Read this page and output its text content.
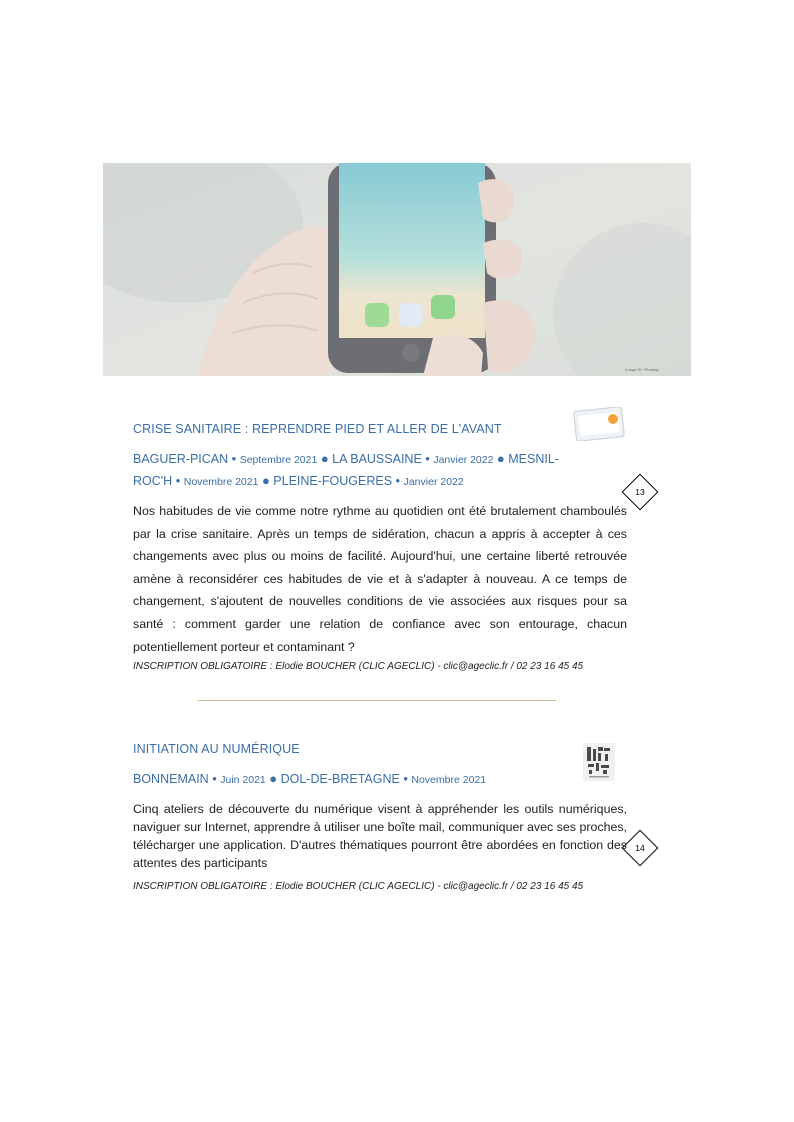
Image ID / Pixabay
CRISE SANITAIRE : REPRENDRE PIED ET ALLER DE L'AVANT
BAGUER-PICAN • Septembre 2021 ● LA BAUSSAINE • Janvier 2022 ● MESNIL-
ROC'H • Novembre 2021 ● PLEINE-FOUGERES • Janvier 2022
13

Nos habitudes de vie comme notre rythme au quotidien ont été brutalement chamboulés par la crise sanitaire. Après un temps de sidération, chacun a appris à accepter à ces changements avec plus ou moins de facilité. Aujourd'hui, une certaine liberté retrouvée amène à reconsidérer ces habitudes de vie et à s'adapter à nouveau. A ce temps de changement, s'ajoutent de nouvelles conditions de vie associées aux risques pour sa santé : comment garder une relation de confiance avec son entourage, chacun potentiellement porteur et contaminant ?

INSCRIPTION OBLIGATOIRE : Elodie BOUCHER (CLIC AGECLIC) - clic@ageclic.fr / 02 23 16 45 45

INITIATION AU NUMÉRIQUE
BONNEMAIN • Juin 2021 ● DOL-DE-BRETAGNE • Novembre 2021
14

Cinq ateliers de découverte du numérique visent à appréhender les outils numériques, naviguer sur Internet, apprendre à utiliser une boîte mail, communiquer avec ses proches, télécharger une application. D'autres thématiques pourront être abordées en fonction des attentes des participants

INSCRIPTION OBLIGATOIRE : Elodie BOUCHER (CLIC AGECLIC) - clic@ageclic.fr / 02 23 16 45 45
